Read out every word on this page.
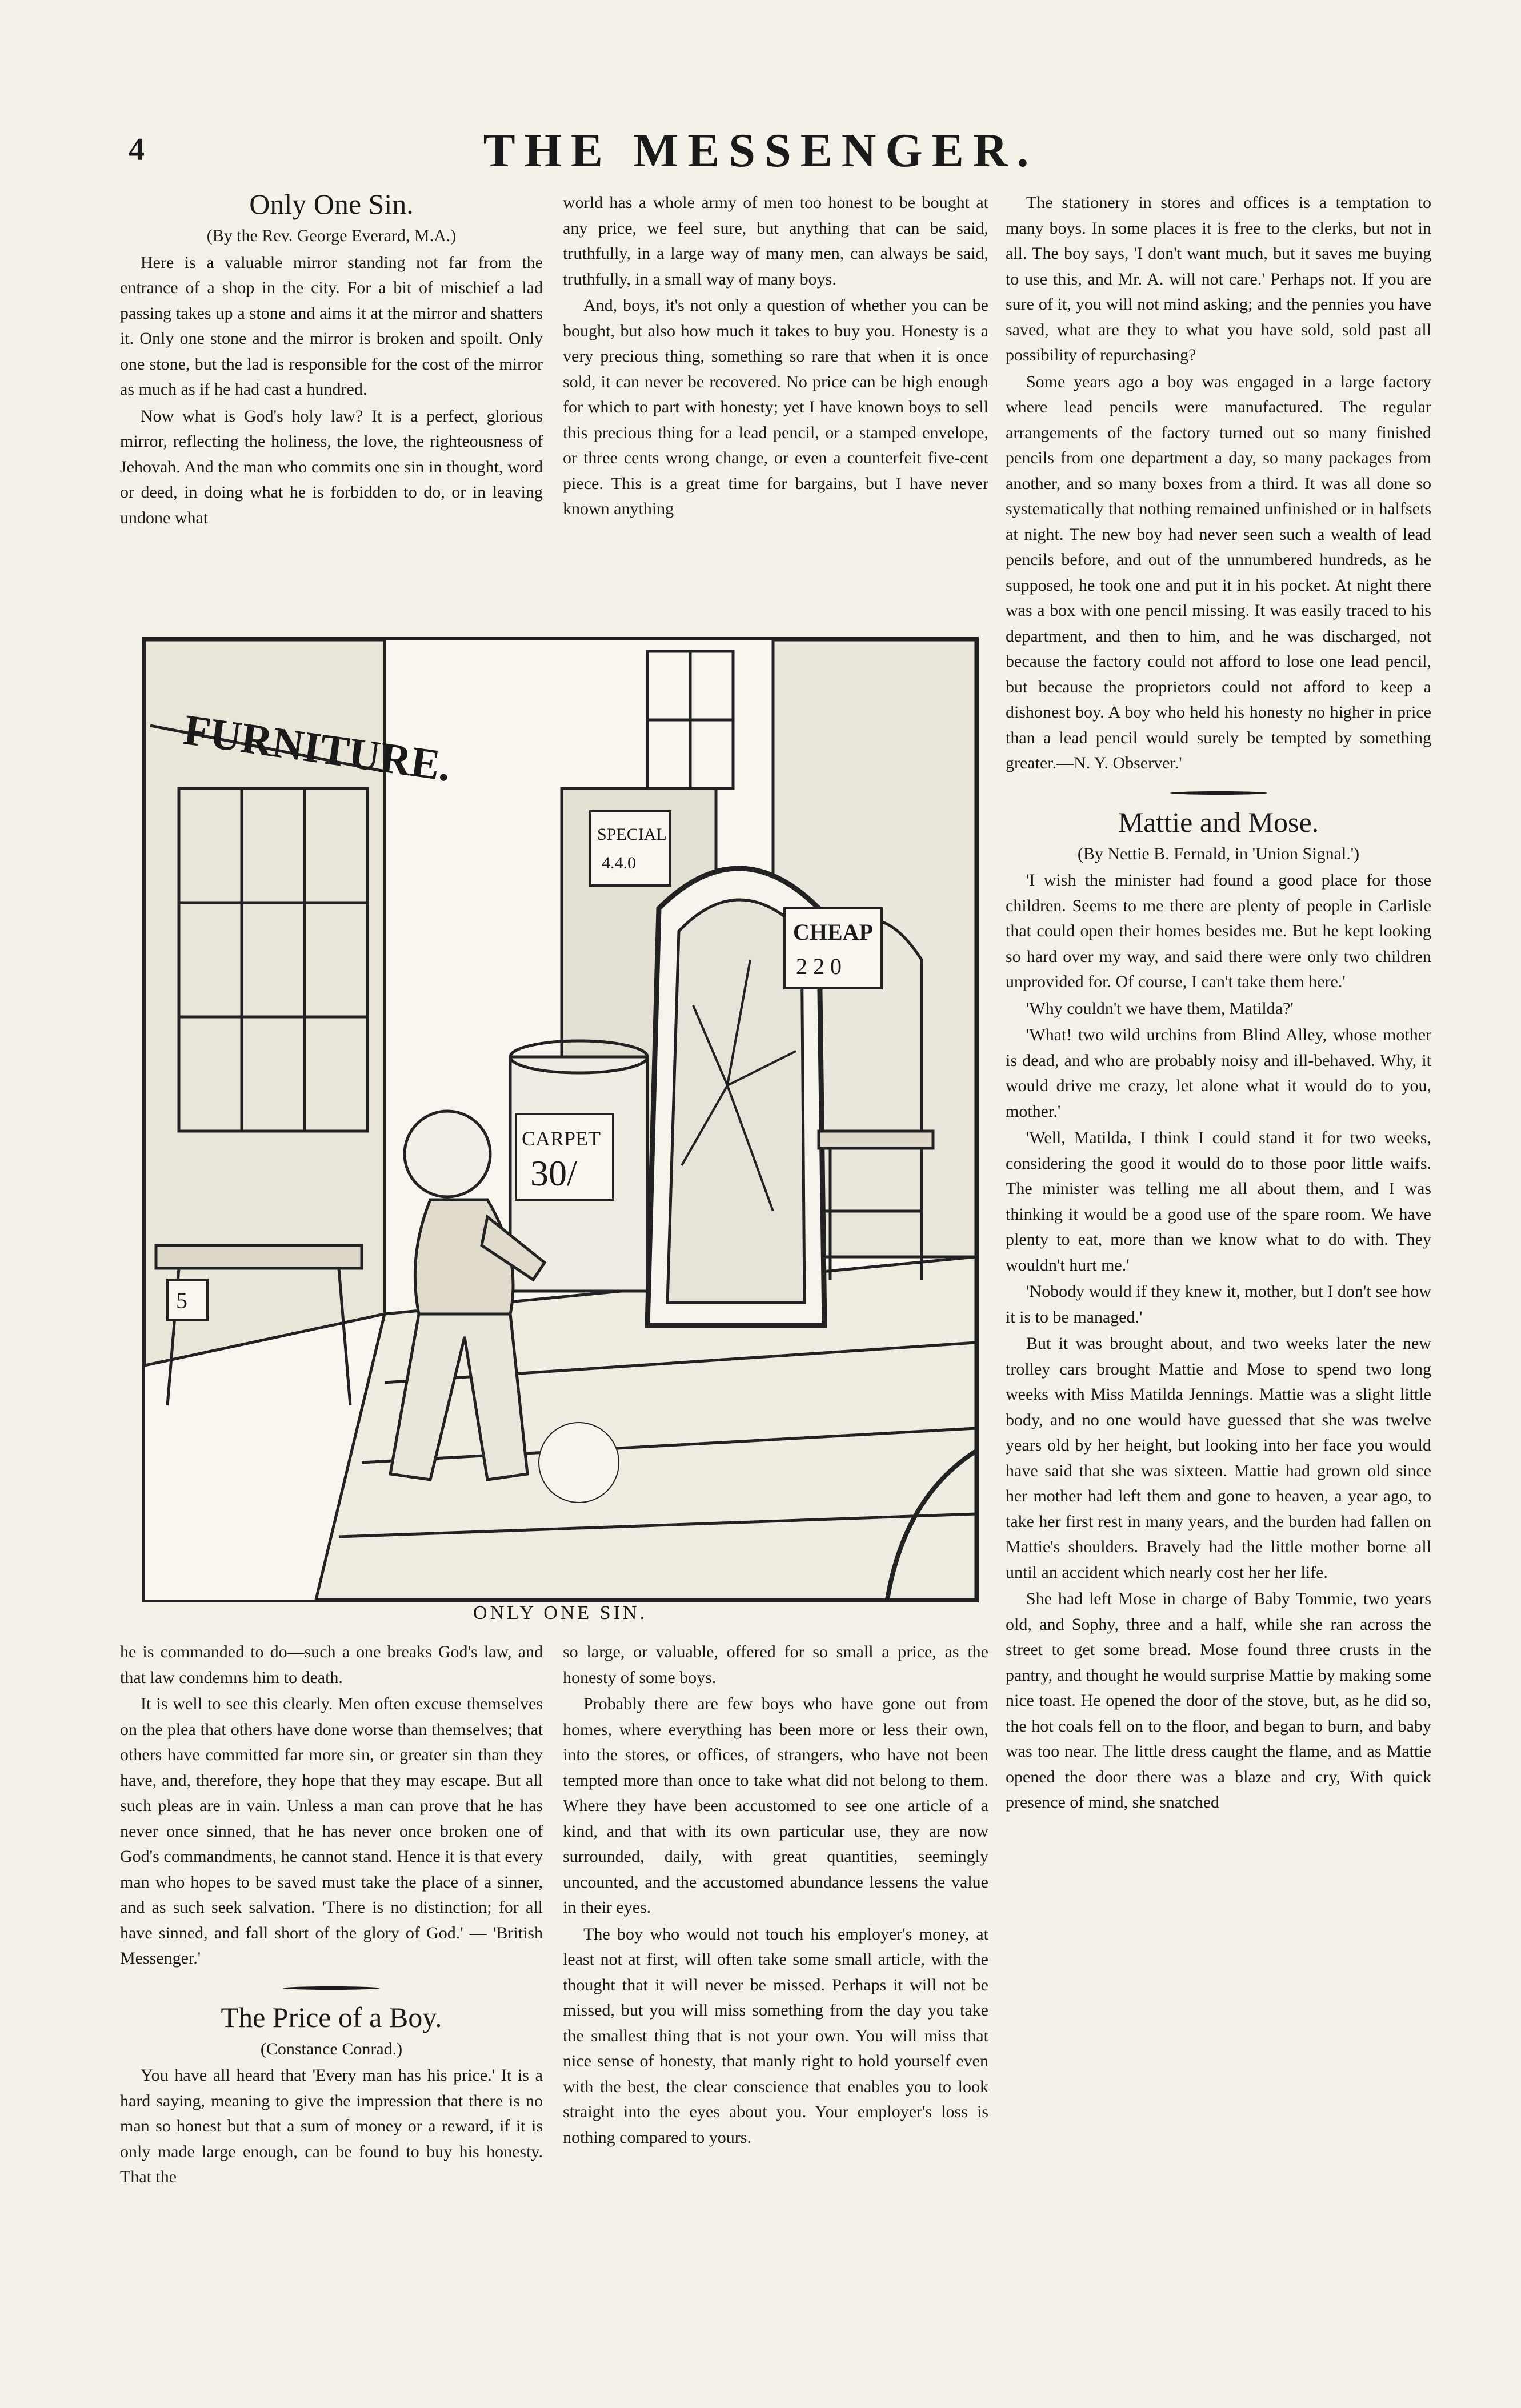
4	THE MESSENGER.

Only One Sin.

(By the Rev. George Everard, M.A.)

Here is a valuable mirror standing not far from the entrance of a shop in the city. For a bit of mischief a lad passing takes up a stone and aims it at the mirror and shatters it. Only one stone and the mirror is broken and spoilt. Only one stone, but the lad is responsible for the cost of the mirror as much as if he had cast a hundred.

Now what is God's holy law? It is a perfect, glorious mirror, reflecting the holiness, the love, the righteousness of Jehovah. And the man who commits one sin in thought, word or deed, in doing what he is forbidden to do, or in leaving undone what

world has a whole army of men too honest to be bought at any price, we feel sure, but anything that can be said, truthfully, in a large way of many men, can always be said, truthfully, in a small way of many boys.

And, boys, it's not only a question of whether you can be bought, but also how much it takes to buy you. Honesty is a very precious thing, something so rare that when it is once sold, it can never be recovered. No price can be high enough for which to part with honesty; yet I have known boys to sell this precious thing for a lead pencil, or a stamped envelope, or three cents wrong change, or even a counterfeit five-cent piece. This is a great time for bargains, but I have never known anything

The stationery in stores and offices is a temptation to many boys. In some places it is free to the clerks, but not in all. The boy says, 'I don't want much, but it saves me buying to use this, and Mr. A. will not care.' Perhaps not. If you are sure of it, you will not mind asking; and the pennies you have saved, what are they to what you have sold, sold past all possibility of repurchasing?

Some years ago a boy was engaged in a large factory where lead pencils were manufactured. The regular arrangements of the factory turned out so many finished pencils from one department a day, so many packages from another, and so many boxes from a third. It was all done so systematically that nothing remained unfinished or in halfsets at night. The new boy had never seen such a wealth of lead pencils before, and out of the unnumbered hundreds, as he supposed, he took one and put it in his pocket. At night there was a box with one pencil missing. It was easily traced to his department, and then to him, and he was discharged, not because the factory could not afford to lose one lead pencil, but because the proprietors could not afford to keep a dishonest boy. A boy who held his honesty no higher in price than a lead pencil would surely be tempted by something greater.—N. Y. Observer.'

Mattie and Mose.

(By Nettie B. Fernald, in 'Union Signal.')

'I wish the minister had found a good place for those children. Seems to me there are plenty of people in Carlisle that could open their homes besides me. But he kept looking so hard over my way, and said there were only two children unprovided for. Of course, I can't take them here.'

'Why couldn't we have them, Matilda?'

'What! two wild urchins from Blind Alley, whose mother is dead, and who are probably noisy and ill-behaved. Why, it would drive me crazy, let alone what it would do to you, mother.'

'Well, Matilda, I think I could stand it for two weeks, considering the good it would do to those poor little waifs. The minister was telling me all about them, and I was thinking it would be a good use of the spare room. We have plenty to eat, more than we know what to do with. They wouldn't hurt me.'

'Nobody would if they knew it, mother, but I don't see how it is to be managed.'

But it was brought about, and two weeks later the new trolley cars brought Mattie and Mose to spend two long weeks with Miss Matilda Jennings. Mattie was a slight little body, and no one would have guessed that she was twelve years old by her height, but looking into her face you would have said that she was sixteen. Mattie had grown old since her mother had left them and gone to heaven, a year ago, to take her first rest in many years, and the burden had fallen on Mattie's shoulders. Bravely had the little mother borne all until an accident which nearly cost her her life.

She had left Mose in charge of Baby Tommie, two years old, and Sophy, three and a half, while she ran across the street to get some bread. Mose found three crusts in the pantry, and thought he would surprise Mattie by making some nice toast. He opened the door of the stove, but, as he did so, the hot coals fell on to the floor, and began to burn, and baby was too near. The little dress caught the flame, and as Mattie opened the door there was a blaze and cry, With quick presence of mind, she snatched

FURNITURE.
SPECIAL
4.4.0
CHEAP
2 2 0
CARPET
30/
5
ONLY ONE SIN.

he is commanded to do—such a one breaks God's law, and that law condemns him to death.

It is well to see this clearly. Men often excuse themselves on the plea that others have done worse than themselves; that others have committed far more sin, or greater sin than they have, and, therefore, they hope that they may escape. But all such pleas are in vain. Unless a man can prove that he has never once sinned, that he has never once broken one of God's commandments, he cannot stand. Hence it is that every man who hopes to be saved must take the place of a sinner, and as such seek salvation. 'There is no distinction; for all have sinned, and fall short of the glory of God.' — 'British Messenger.'

The Price of a Boy.

(Constance Conrad.)

You have all heard that 'Every man has his price.' It is a hard saying, meaning to give the impression that there is no man so honest but that a sum of money or a reward, if it is only made large enough, can be found to buy his honesty. That the

so large, or valuable, offered for so small a price, as the honesty of some boys.

Probably there are few boys who have gone out from homes, where everything has been more or less their own, into the stores, or offices, of strangers, who have not been tempted more than once to take what did not belong to them. Where they have been accustomed to see one article of a kind, and that with its own particular use, they are now surrounded, daily, with great quantities, seemingly uncounted, and the accustomed abundance lessens the value in their eyes.

The boy who would not touch his employer's money, at least not at first, will often take some small article, with the thought that it will never be missed. Perhaps it will not be missed, but you will miss something from the day you take the smallest thing that is not your own. You will miss that nice sense of honesty, that manly right to hold yourself even with the best, the clear conscience that enables you to look straight into the eyes about you. Your employer's loss is nothing compared to yours.
